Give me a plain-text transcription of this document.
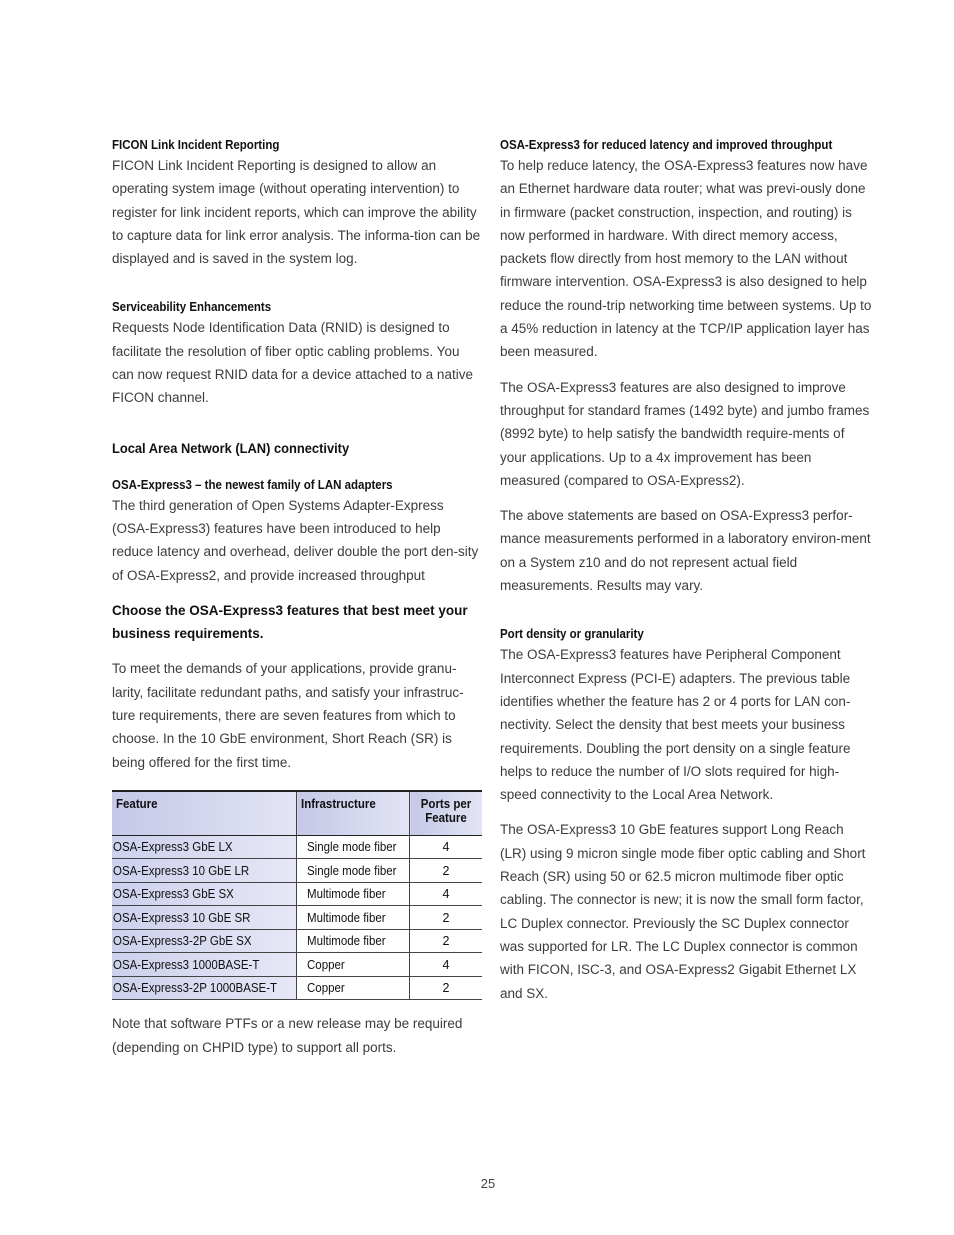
FICON Link Incident Reporting

FICON Link Incident Reporting is designed to allow an operating system image (without operating intervention) to register for link incident reports, which can improve the ability to capture data for link error analysis. The informa-tion can be displayed and is saved in the system log.

Serviceability Enhancements

Requests Node Identification Data (RNID) is designed to facilitate the resolution of fiber optic cabling problems. You can now request RNID data for a device attached to a native FICON channel.

Local Area Network (LAN) connectivity
OSA-Express3 – the newest family of LAN adapters

The third generation of Open Systems Adapter-Express (OSA-Express3) features have been introduced to help reduce latency and overhead, deliver double the port den-sity of OSA-Express2, and provide increased throughput

Choose the OSA-Express3 features that best meet your business requirements.

To meet the demands of your applications, provide granu-larity, facilitate redundant paths, and satisfy your infrastruc-ture requirements, there are seven features from which to choose. In the 10 GbE environment, Short Reach (SR) is being offered for the first time.

Feature	Infrastructure	Ports per Feature
OSA-Express3 GbE LX	Single mode fiber	4
OSA-Express3 10 GbE LR	Single mode fiber	2
OSA-Express3 GbE SX	Multimode fiber	4
OSA-Express3 10 GbE SR	Multimode fiber	2
OSA-Express3-2P GbE SX	Multimode fiber	2
OSA-Express3 1000BASE-T	Copper	4
OSA-Express3-2P 1000BASE-T	Copper	2

Note that software PTFs or a new release may be required (depending on CHPID type) to support all ports.

OSA-Express3 for reduced latency and improved throughput

To help reduce latency, the OSA-Express3 features now have an Ethernet hardware data router; what was previ-ously done in firmware (packet construction, inspection, and routing) is now performed in hardware. With direct memory access, packets flow directly from host memory to the LAN without firmware intervention. OSA-Express3 is also designed to help reduce the round-trip networking time between systems. Up to a 45% reduction in latency at the TCP/IP application layer has been measured.

The OSA-Express3 features are also designed to improve throughput for standard frames (1492 byte) and jumbo frames (8992 byte) to help satisfy the bandwidth require-ments of your applications. Up to a 4x improvement has been measured (compared to OSA-Express2).

The above statements are based on OSA-Express3 perfor-mance measurements performed in a laboratory environ-ment on a System z10 and do not represent actual field measurements. Results may vary.

Port density or granularity

The OSA-Express3 features have Peripheral Component Interconnect Express (PCI-E) adapters. The previous table identifies whether the feature has 2 or 4 ports for LAN con-nectivity. Select the density that best meets your business requirements. Doubling the port density on a single feature helps to reduce the number of I/O slots required for high-speed connectivity to the Local Area Network.

The OSA-Express3 10 GbE features support Long Reach (LR) using 9 micron single mode fiber optic cabling and Short Reach (SR) using 50 or 62.5 micron multimode fiber optic cabling. The connector is new; it is now the small form factor, LC Duplex connector. Previously the SC Duplex connector was supported for LR. The LC Duplex connector is common with FICON, ISC-3, and OSA-Express2 Gigabit Ethernet LX and SX.

25
